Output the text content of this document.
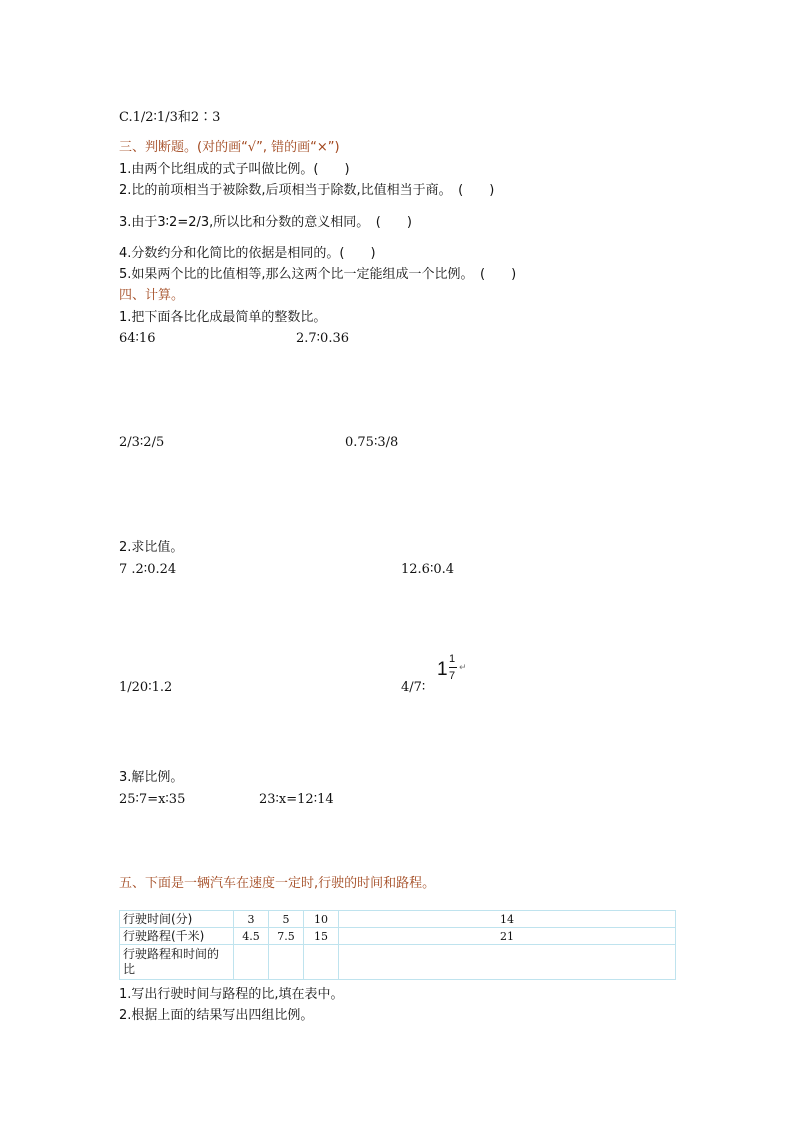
C.1/2∶1/3和2∶3
三、判断题。(对的画“√”, 错的画“×”)
1.由两个比组成的式子叫做比例。(　　)
2.比的前项相当于被除数,后项相当于除数,比值相当于商。　(　　)
3.由于3∶2=2/3,所以比和分数的意义相同。　(　　)
4.分数约分和化简比的依据是相同的。(　　)
5.如果两个比的比值相等,那么这两个比一定能组成一个比例。　(　　)
四、计算。
1.把下面各比化成最简单的整数比。
64∶16	2.7∶0.36
2/3∶2/5	0.75∶3/8
2.求比值。
7 .2∶0.24	12.6∶0.4
1/20∶1.2	4/7∶
1 1
7
↵
3.解比例。
25∶7=x∶35	23∶x=12∶14
五、下面是一辆汽车在速度一定时,行驶的时间和路程。
行驶时间(分)	3	5	10	14
行驶路程(千米)	4.5	7.5	15	21
行驶路程和时间的比				
1.写出行驶时间与路程的比,填在表中。
2.根据上面的结果写出四组比例。
